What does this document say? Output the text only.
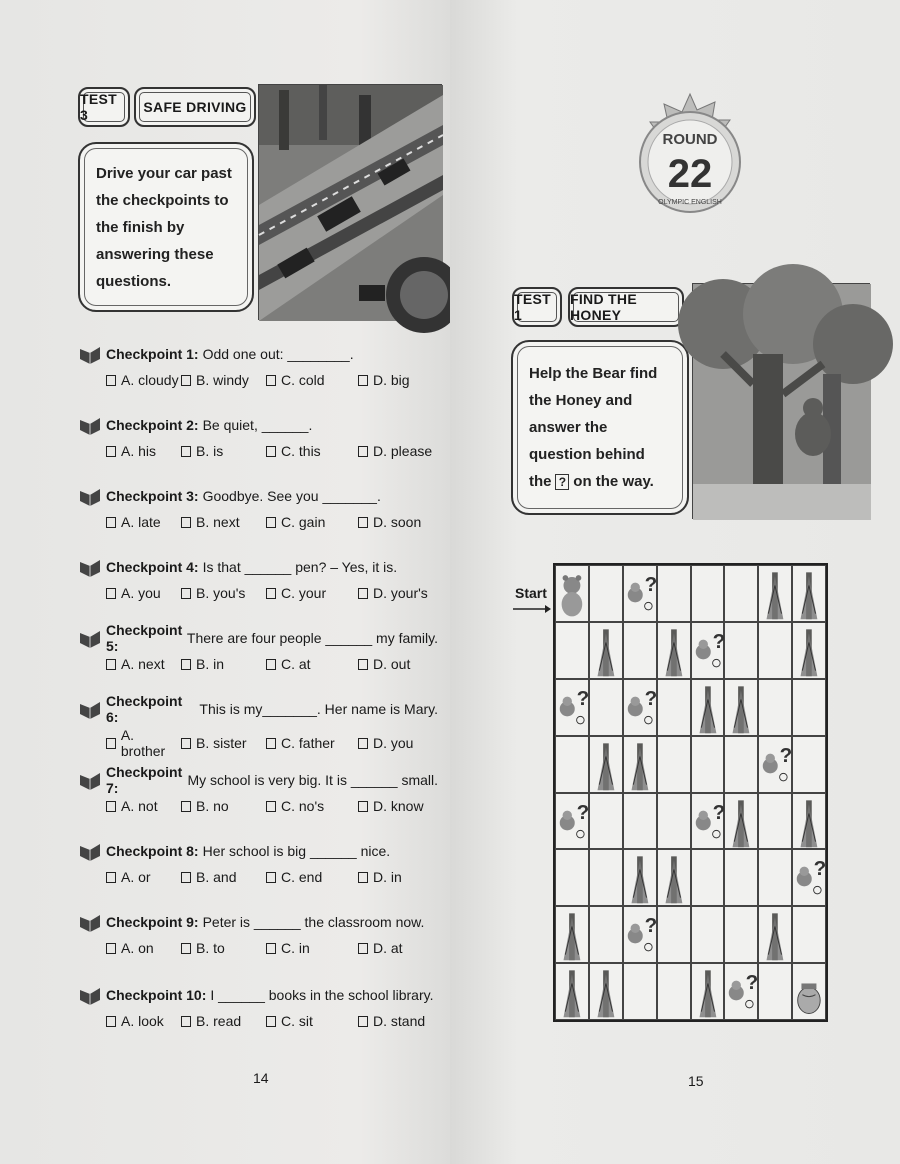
TEST 3	SAFE DRIVING
Drive your car past the checkpoints to the finish by answering these questions.
Checkpoint 1: Odd one out: ________.
A. cloudy B. windy C. cold	D. big
Checkpoint 2: Be quiet, ______.
A. his	B. is	C. this	D. please
Checkpoint 3: Goodbye. See you _______.
A. late	B. next	C. gain	D. soon
Checkpoint 4: Is that ______ pen? – Yes, it is.
A. you	B. you's	C. your	D. your's
Checkpoint 5:	There are four people ______ my family.
A. next B. in	C. at	D. out
Checkpoint 6:	This is my_______. Her name is Mary.
A. brother	B. sister C. father	D. you
Checkpoint 7:	My school is very big. It is ______ small.
A. not	B. no	C. no's	D. know
Checkpoint 8: Her school is big ______ nice.
A. or	B. and	C. end	D. in
Checkpoint 9: Peter is ______ the classroom now.
A. on	B. to	C. in	D. at
Checkpoint 10: I ______ books in the school library.
A. look B. read	C. sit	D. stand
14
ROUND
22
OLYMPIC ENGLISH
TEST 1
FIND THE HONEY
Help the Bear find the Honey and answer the question behind the ? on the way.
Start	?
?
?	?
?
?	?
?
?
?
15
